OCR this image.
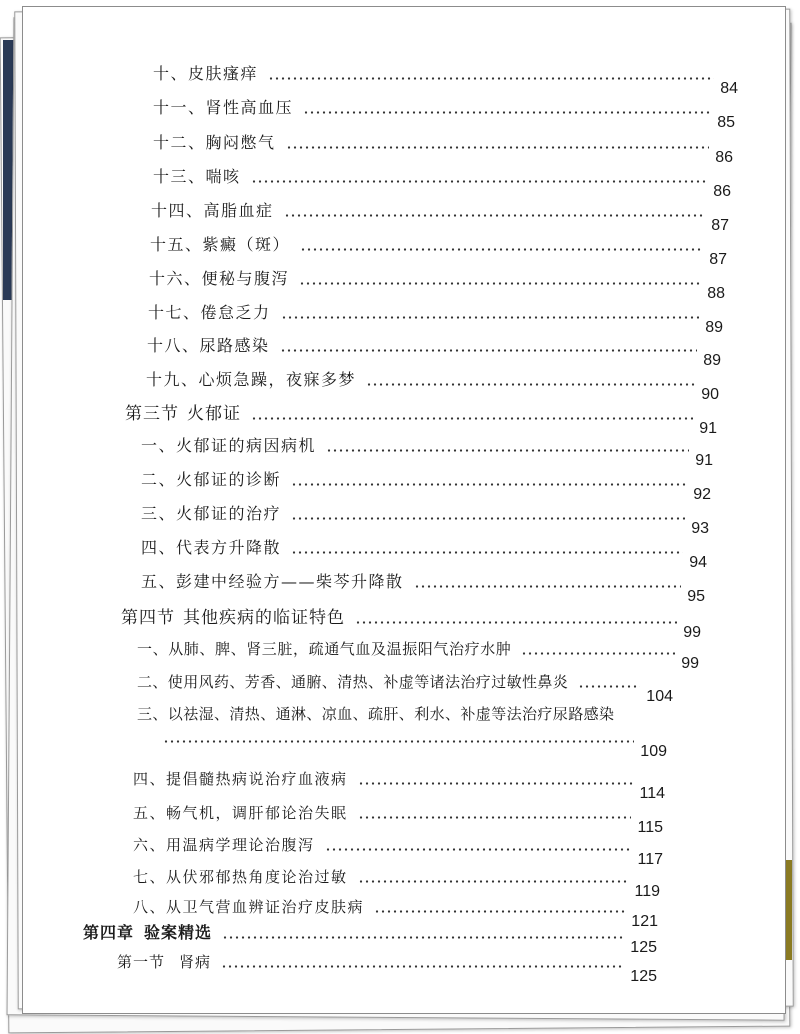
十、皮肤瘙痒
84
十一、肾性高血压
85
十二、胸闷憋气
86
十三、喘咳
86
十四、高脂血症
87
十五、紫癜（斑）
87
十六、便秘与腹泻
88
十七、倦怠乏力
89
十八、尿路感染
89
十九、心烦急躁，夜寐多梦
90
第三节 火郁证
91
一、火郁证的病因病机
91
二、火郁证的诊断
92
三、火郁证的治疗
93
四、代表方升降散
94
五、彭建中经验方——柴芩升降散
95
第四节 其他疾病的临证特色
99
一、从肺、脾、肾三脏，疏通气血及温振阳气治疗水肿
99
二、使用风药、芳香、通腑、清热、补虚等诸法治疗过敏性鼻炎
104
三、以祛湿、清热、通淋、凉血、疏肝、利水、补虚等法治疗尿路感染
109
四、提倡髓热病说治疗血液病
114
五、畅气机，调肝郁论治失眠
115
六、用温病学理论治腹泻
117
七、从伏邪郁热角度论治过敏
119
八、从卫气营血辨证治疗皮肤病
121
第四章 验案精选
125
第一节 肾病
125
